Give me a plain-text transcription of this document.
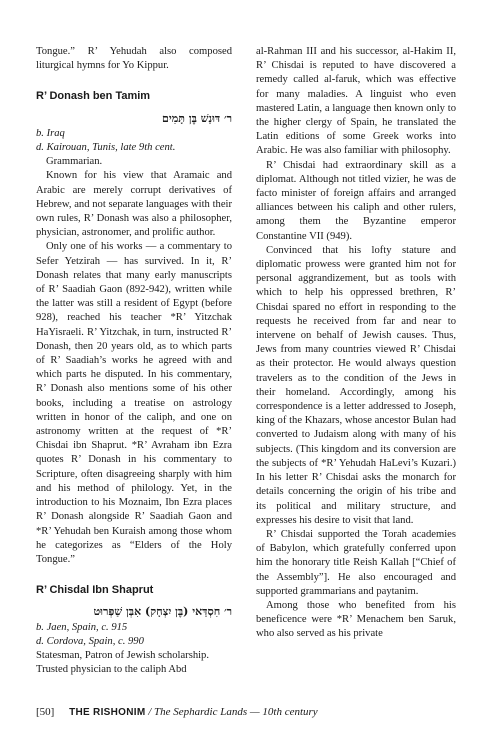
Tongue.” R’ Yehudah also composed liturgical hymns for Yo Kippur.

R’ Donash ben Tamim
ר׳ דּוּנַשׁ בֶּן תָּמִים

b. Iraq

d. Kairouan, Tunis, late 9th cent.

Grammarian.

Known for his view that Aramaic and Arabic are merely corrupt derivatives of Hebrew, and not separate languages with their own rules, R’ Donash was also a philosopher, physician, astronomer, and prolific author.

Only one of his works — a commentary to Sefer Yetzirah — has survived. In it, R’ Donash relates that many early manuscripts of R’ Saadiah Gaon (892-942), written while the latter was still a resident of Egypt (before 928), reached his teacher *R’ Yitzchak HaYisraeli. R’ Yitzchak, in turn, instructed R’ Donash, then 20 years old, as to which parts of R’ Saadiah’s works he agreed with and which parts he disputed. In his commentary, R’ Donash also mentions some of his other books, including a treatise on astrology written in honor of the caliph, and one on astronomy written at the request of *R’ Chisdai ibn Shaprut. *R’ Avraham ibn Ezra quotes R’ Donash in his commentary to Scripture, often disagreeing sharply with him and his method of philology. Yet, in the introduction to his Moznaim, Ibn Ezra places R’ Donash alongside R’ Saadiah Gaon and *R’ Yehudah ben Kuraish among those whom he categorizes as “Elders of the Holy Tongue.”

R’ Chisdal Ibn Shaprut
ר׳ חִסְדַּאי (בֶּן יִצְחָק) אִבְּן שַׁפְּרוּט

b. Jaen, Spain, c. 915

d. Cordova, Spain, c. 990

Statesman, Patron of Jewish scholarship.

Trusted physician to the caliph Abd

al-Rahman III and his successor, al-Hakim II, R’ Chisdai is reputed to have discovered a remedy called al-faruk, which was effective for many maladies. A linguist who even mastered Latin, a language then known only to the higher clergy of Spain, he translated the Latin editions of some Greek works into Arabic. He was also familiar with philosophy.

R’ Chisdai had extraordinary skill as a diplomat. Although not titled vizier, he was de facto minister of foreign affairs and arranged alliances between his caliph and other rulers, among them the Byzantine emperor Constantine VII (949).

Convinced that his lofty stature and diplomatic prowess were granted him not for personal aggrandizement, but as tools with which to help his oppressed brethren, R’ Chisdai spared no effort in responding to the requests he received from far and near to intervene on behalf of Jewish causes. Thus, Jews from many countries viewed R’ Chisdai as their protector. He would always question travelers as to the condition of the Jews in their homeland. Accordingly, among his correspondence is a letter addressed to Joseph, king of the Khazars, whose ancestor Bulan had converted to Judaism along with many of his subjects. (This kingdom and its conversion are the subjects of *R’ Yehudah HaLevi’s Kuzari.) In his letter R’ Chisdai asks the monarch for details concerning the origin of his tribe and its political and military structure, and expresses his desire to visit that land.

R’ Chisdai supported the Torah academies of Babylon, which gratefully conferred upon him the honorary title Reish Kallah [“Chief of the Assembly”]. He also encouraged and supported grammarians and paytanim.

Among those who benefited from his beneficence were *R’ Menachem ben Saruk, who also served as his private

[50] THE RISHONIM / The Sephardic Lands — 10th century
